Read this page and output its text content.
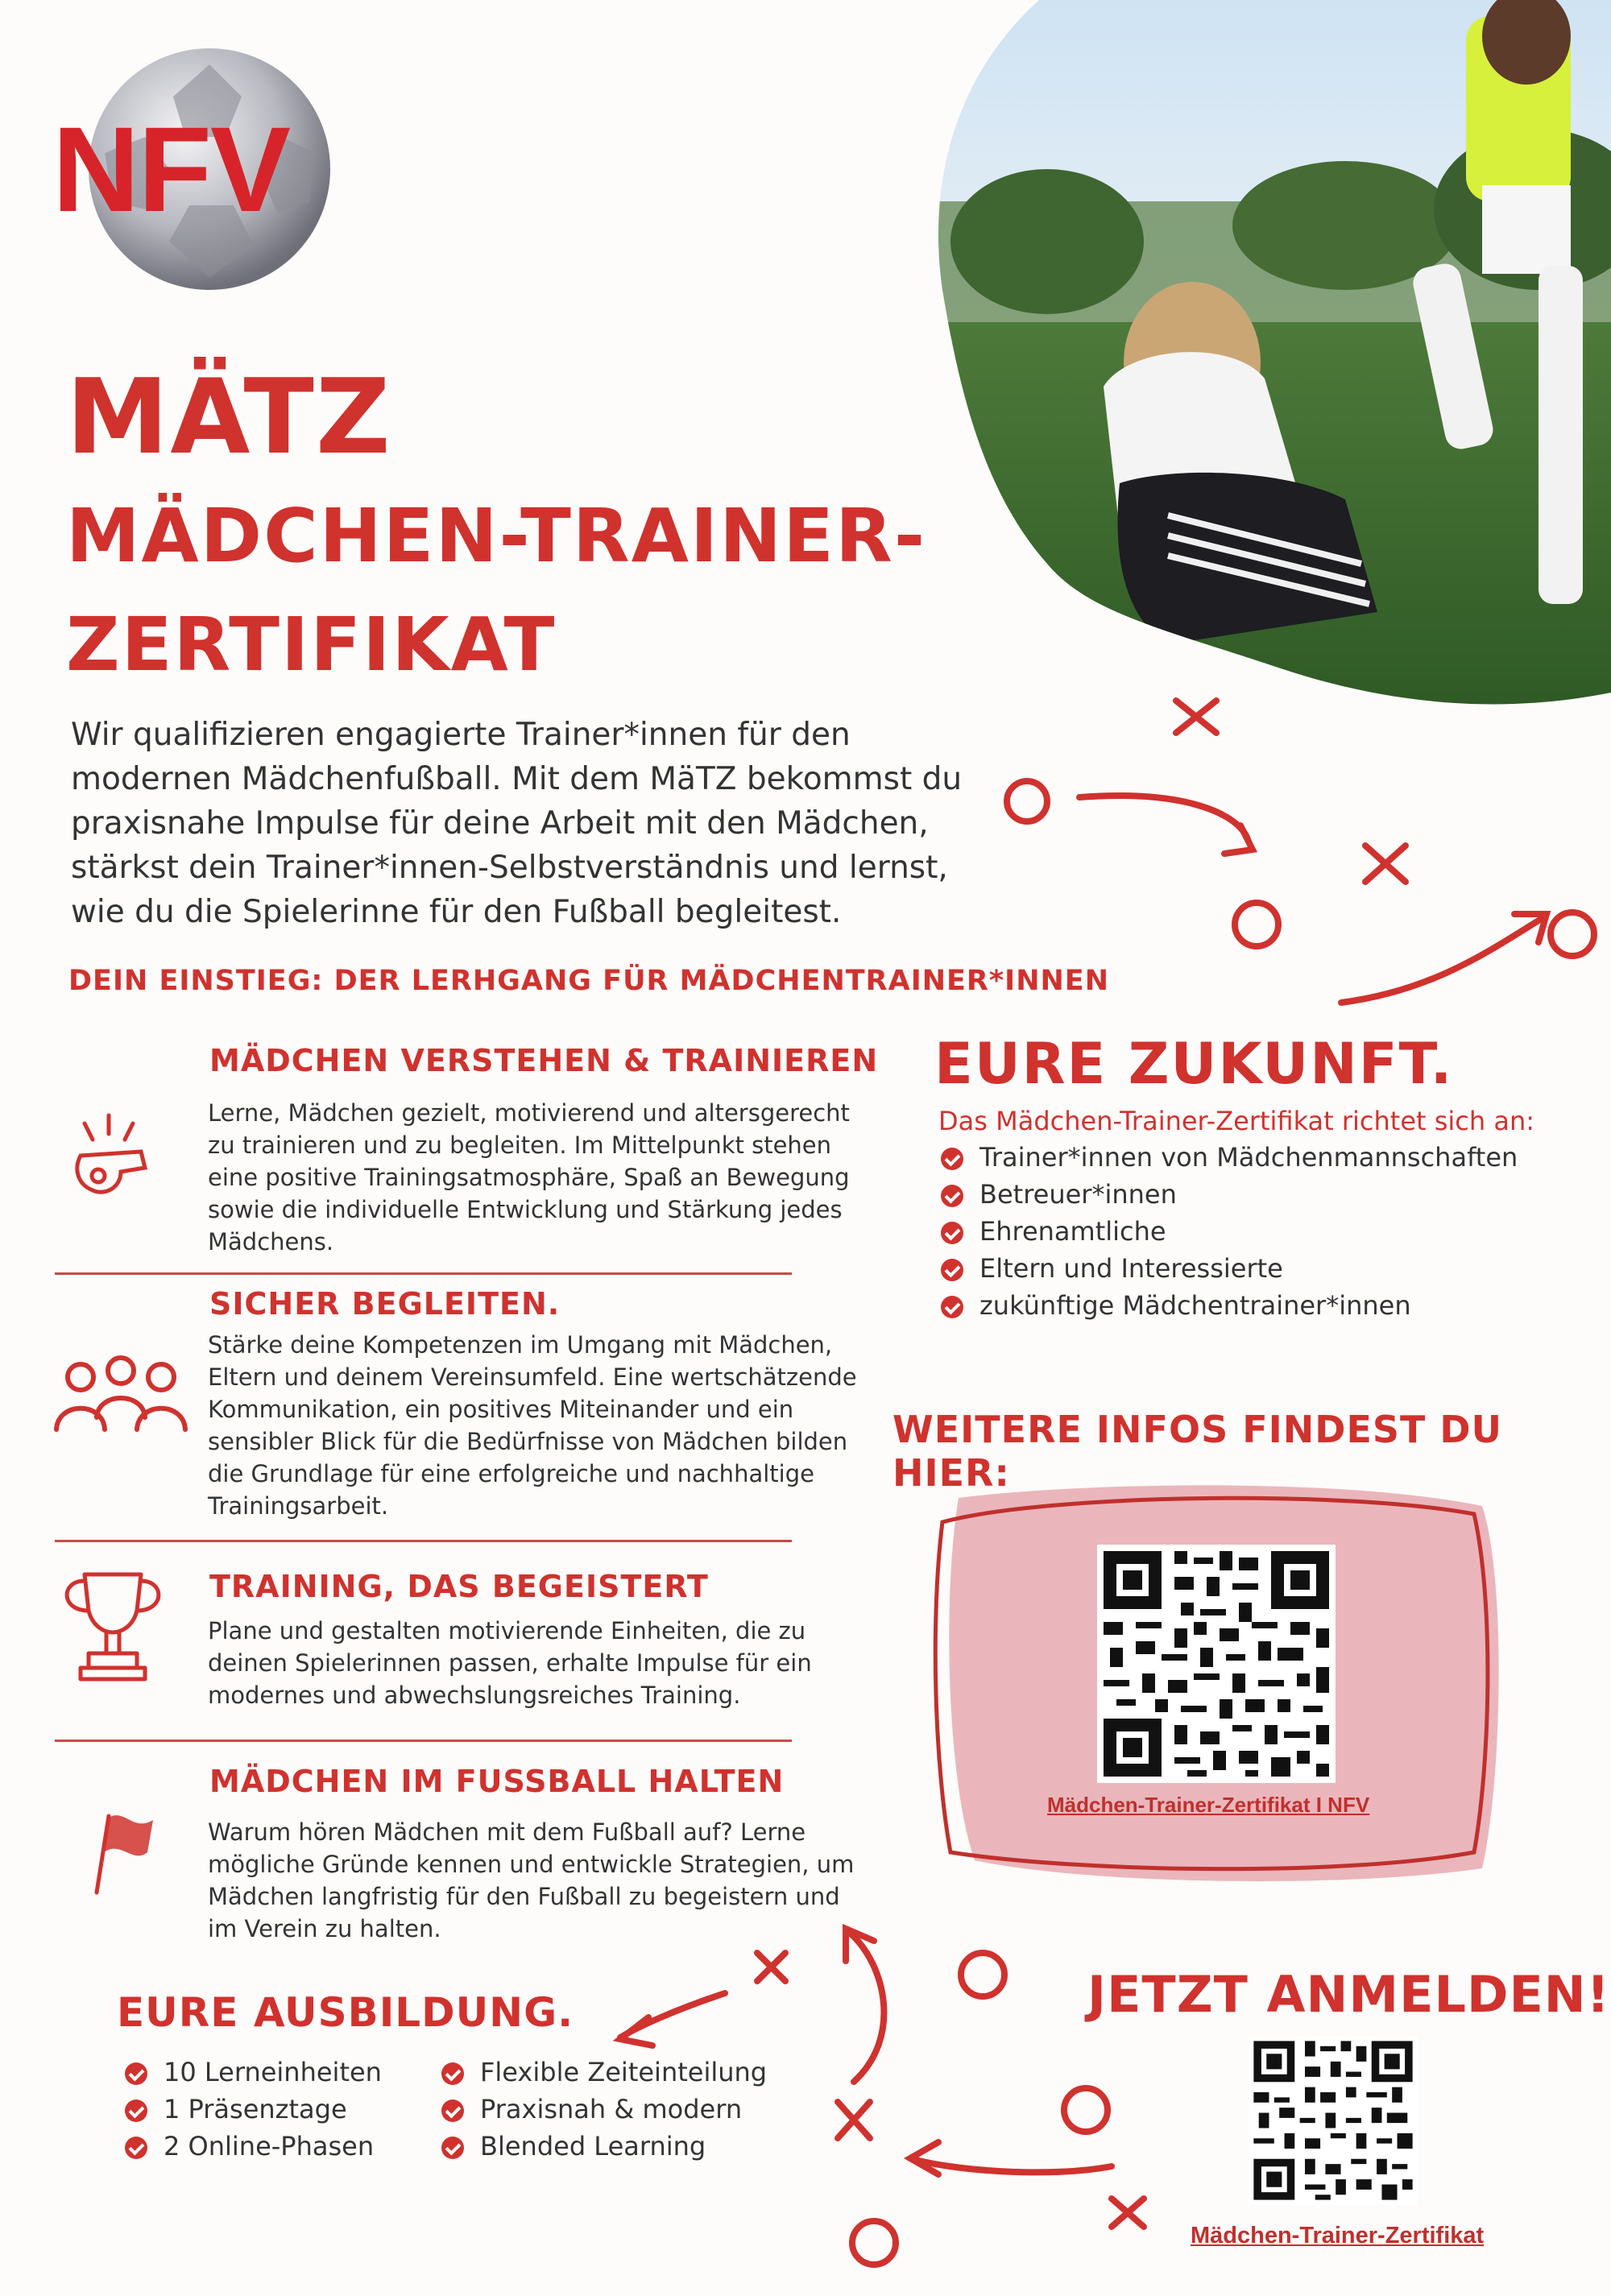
NFV
MÄTZ
MÄDCHEN-TRAINER-
ZERTIFIKAT
Wir qualifizieren engagierte Trainer*innen für den
modernen Mädchenfußball. Mit dem MäTZ bekommst du
praxisnahe Impulse für deine Arbeit mit den Mädchen,
stärkst dein Trainer*innen-Selbstverständnis und lernst,
wie du die Spielerinne für den Fußball begleitest.
DEIN EINSTIEG: DER LERHGANG FÜR MÄDCHENTRAINER*INNEN
MÄDCHEN VERSTEHEN & TRAINIEREN
Lerne, Mädchen gezielt, motivierend und altersgerecht
zu trainieren und zu begleiten. Im Mittelpunkt stehen
eine positive Trainingsatmosphäre, Spaß an Bewegung
sowie die individuelle Entwicklung und Stärkung jedes
Mädchens.
SICHER BEGLEITEN.
Stärke deine Kompetenzen im Umgang mit Mädchen,
Eltern und deinem Vereinsumfeld. Eine wertschätzende
Kommunikation, ein positives Miteinander und ein
sensibler Blick für die Bedürfnisse von Mädchen bilden
die Grundlage für eine erfolgreiche und nachhaltige
Trainingsarbeit.
TRAINING, DAS BEGEISTERT
Plane und gestalten motivierende Einheiten, die zu
deinen Spielerinnen passen, erhalte Impulse für ein
modernes und abwechslungsreiches Training.
MÄDCHEN IM FUSSBALL HALTEN
Warum hören Mädchen mit dem Fußball auf? Lerne
mögliche Gründe kennen und entwickle Strategien, um
Mädchen langfristig für den Fußball zu begeistern und
im Verein zu halten.
EURE ZUKUNFT.
Das Mädchen-Trainer-Zertifikat richtet sich an:
Trainer*innen von Mädchenmannschaften
Betreuer*innen
Ehrenamtliche
Eltern und Interessierte
zukünftige Mädchentrainer*innen
WEITERE INFOS FINDEST DU HIER:
Mädchen-Trainer-Zertifikat I NFV
EURE AUSBILDUNG.
10 Lerneinheiten
1 Präsenztage
2 Online-Phasen
Flexible Zeiteinteilung
Praxisnah & modern
Blended Learning
JETZT ANMELDEN!
Mädchen-Trainer-Zertifikat
